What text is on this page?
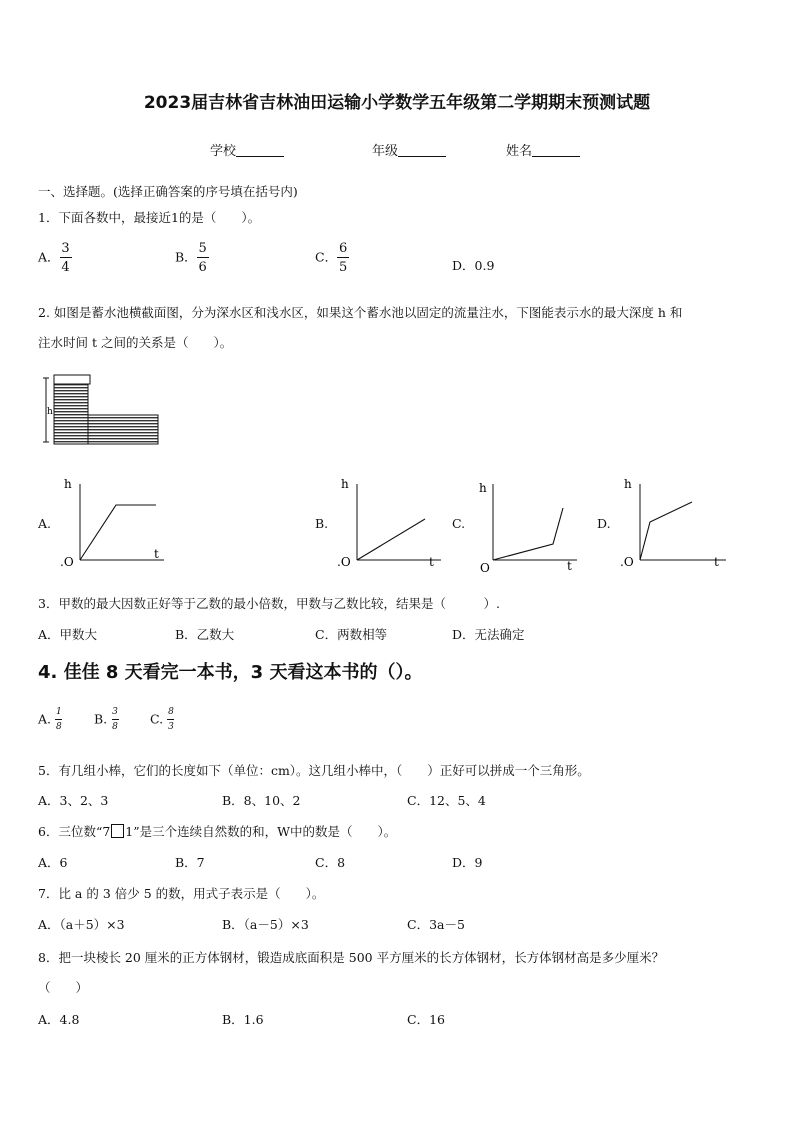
2023届吉林省吉林油田运输小学数学五年级第二学期期末预测试题
学校	年级	姓名
一、选择题。(选择正确答案的序号填在括号内)
1．下面各数中，最接近1的是（　　）。
A． $\frac{3}{4}$	B． $\frac{5}{6}$	C． $\frac{6}{5}$	D．0.9
2. 如图是蓄水池横截面图，分为深水区和浅水区，如果这个蓄水池以固定的流量注水，下图能表示水的最大深度 h 和
注水时间 t 之间的关系是（　　）。
h
A.
h
.O
t
B.
h
.O	t
C.
h
O	t
D.
h
.O	t
3．甲数的最大因数正好等于乙数的最小倍数，甲数与乙数比较，结果是（　　　）.
A．甲数大	B．乙数大	C．两数相等	D．无法确定
4. 佳佳 8 天看完一本书，3 天看这本书的（）。
A. $\frac{1}{8}$	B. $\frac{3}{8} C$. $\frac{8}{3}$
5．有几组小棒，它们的长度如下（单位：cm）。这几组小棒中，（　　）正好可以拼成一个三角形。
A．3、2、3	B．8、10、2	C．12、5、4
6．三位数“7 1”是三个连续自然数的和，W中的数是（　　）。
A．6	B．7	C．8	D．9
7．比 a 的 3 倍少 5 的数，用式子表示是（　　）。
A．（a＋5）×3	B．（a－5）×3	C．3a－5
8．把一块棱长 20 厘米的正方体钢材，锻造成底面积是 500 平方厘米的长方体钢材，长方体钢材高是多少厘米？
（　　）
A．4.8	B．1.6	C．16
